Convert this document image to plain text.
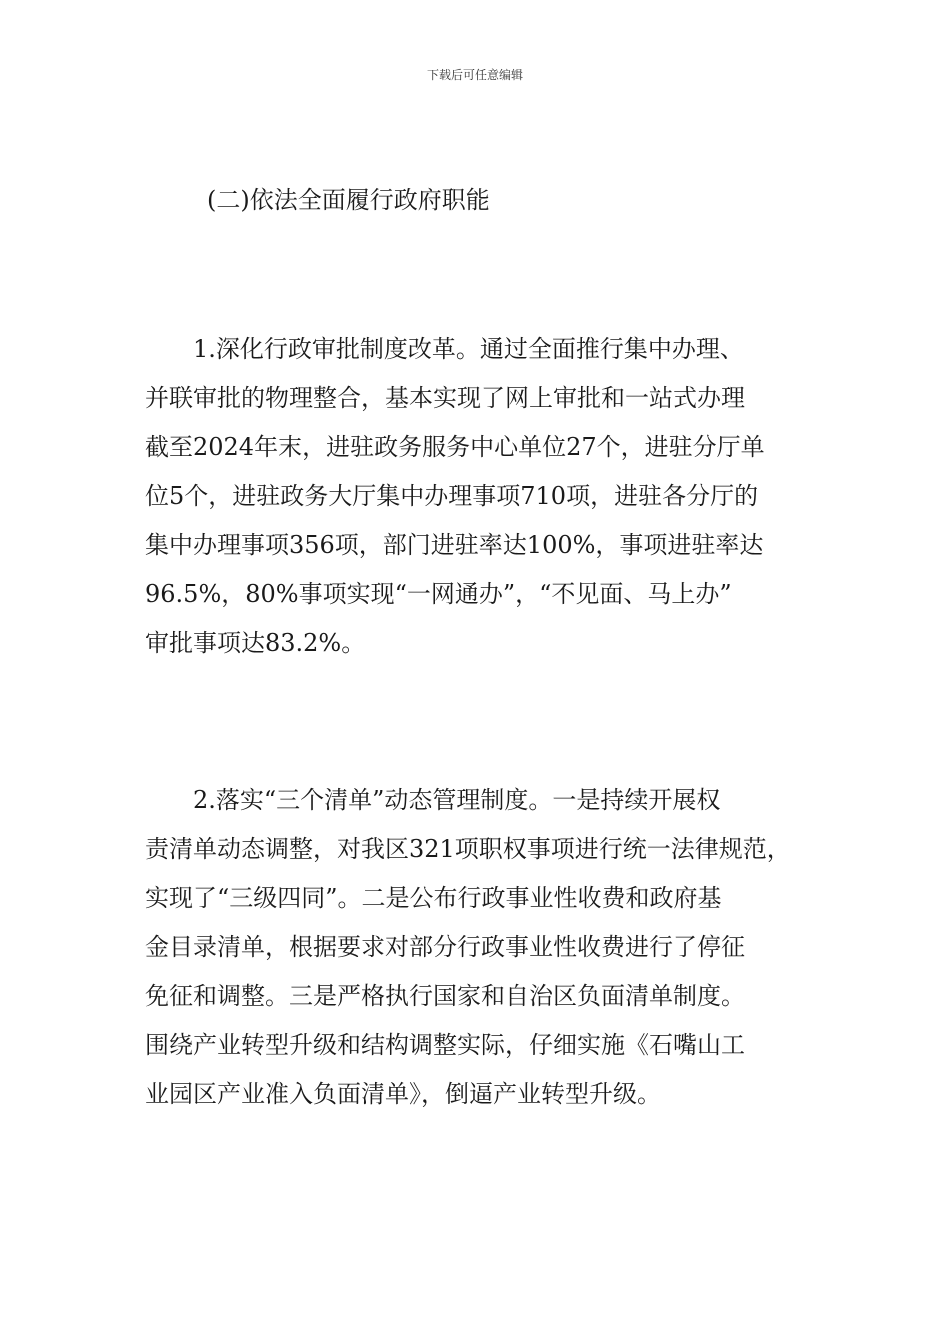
下载后可任意编辑
(二)依法全面履行政府职能
　　1.深化行政审批制度改革。通过全面推行集中办理、
并联审批的物理整合，基本实现了网上审批和一站式办理
截至2024年末，进驻政务服务中心单位27个，进驻分厅单
位5个，进驻政务大厅集中办理事项710项，进驻各分厅的
集中办理事项356项，部门进驻率达100%，事项进驻率达
96.5%，80%事项实现“一网通办”，“不见面、马上办”
审批事项达83.2%。
　　2.落实“三个清单”动态管理制度。一是持续开展权
责清单动态调整，对我区321项职权事项进行统一法律规范，
实现了“三级四同”。二是公布行政事业性收费和政府基
金目录清单，根据要求对部分行政事业性收费进行了停征
免征和调整。三是严格执行国家和自治区负面清单制度。
围绕产业转型升级和结构调整实际，仔细实施《石嘴山工
业园区产业准入负面清单》，倒逼产业转型升级。
